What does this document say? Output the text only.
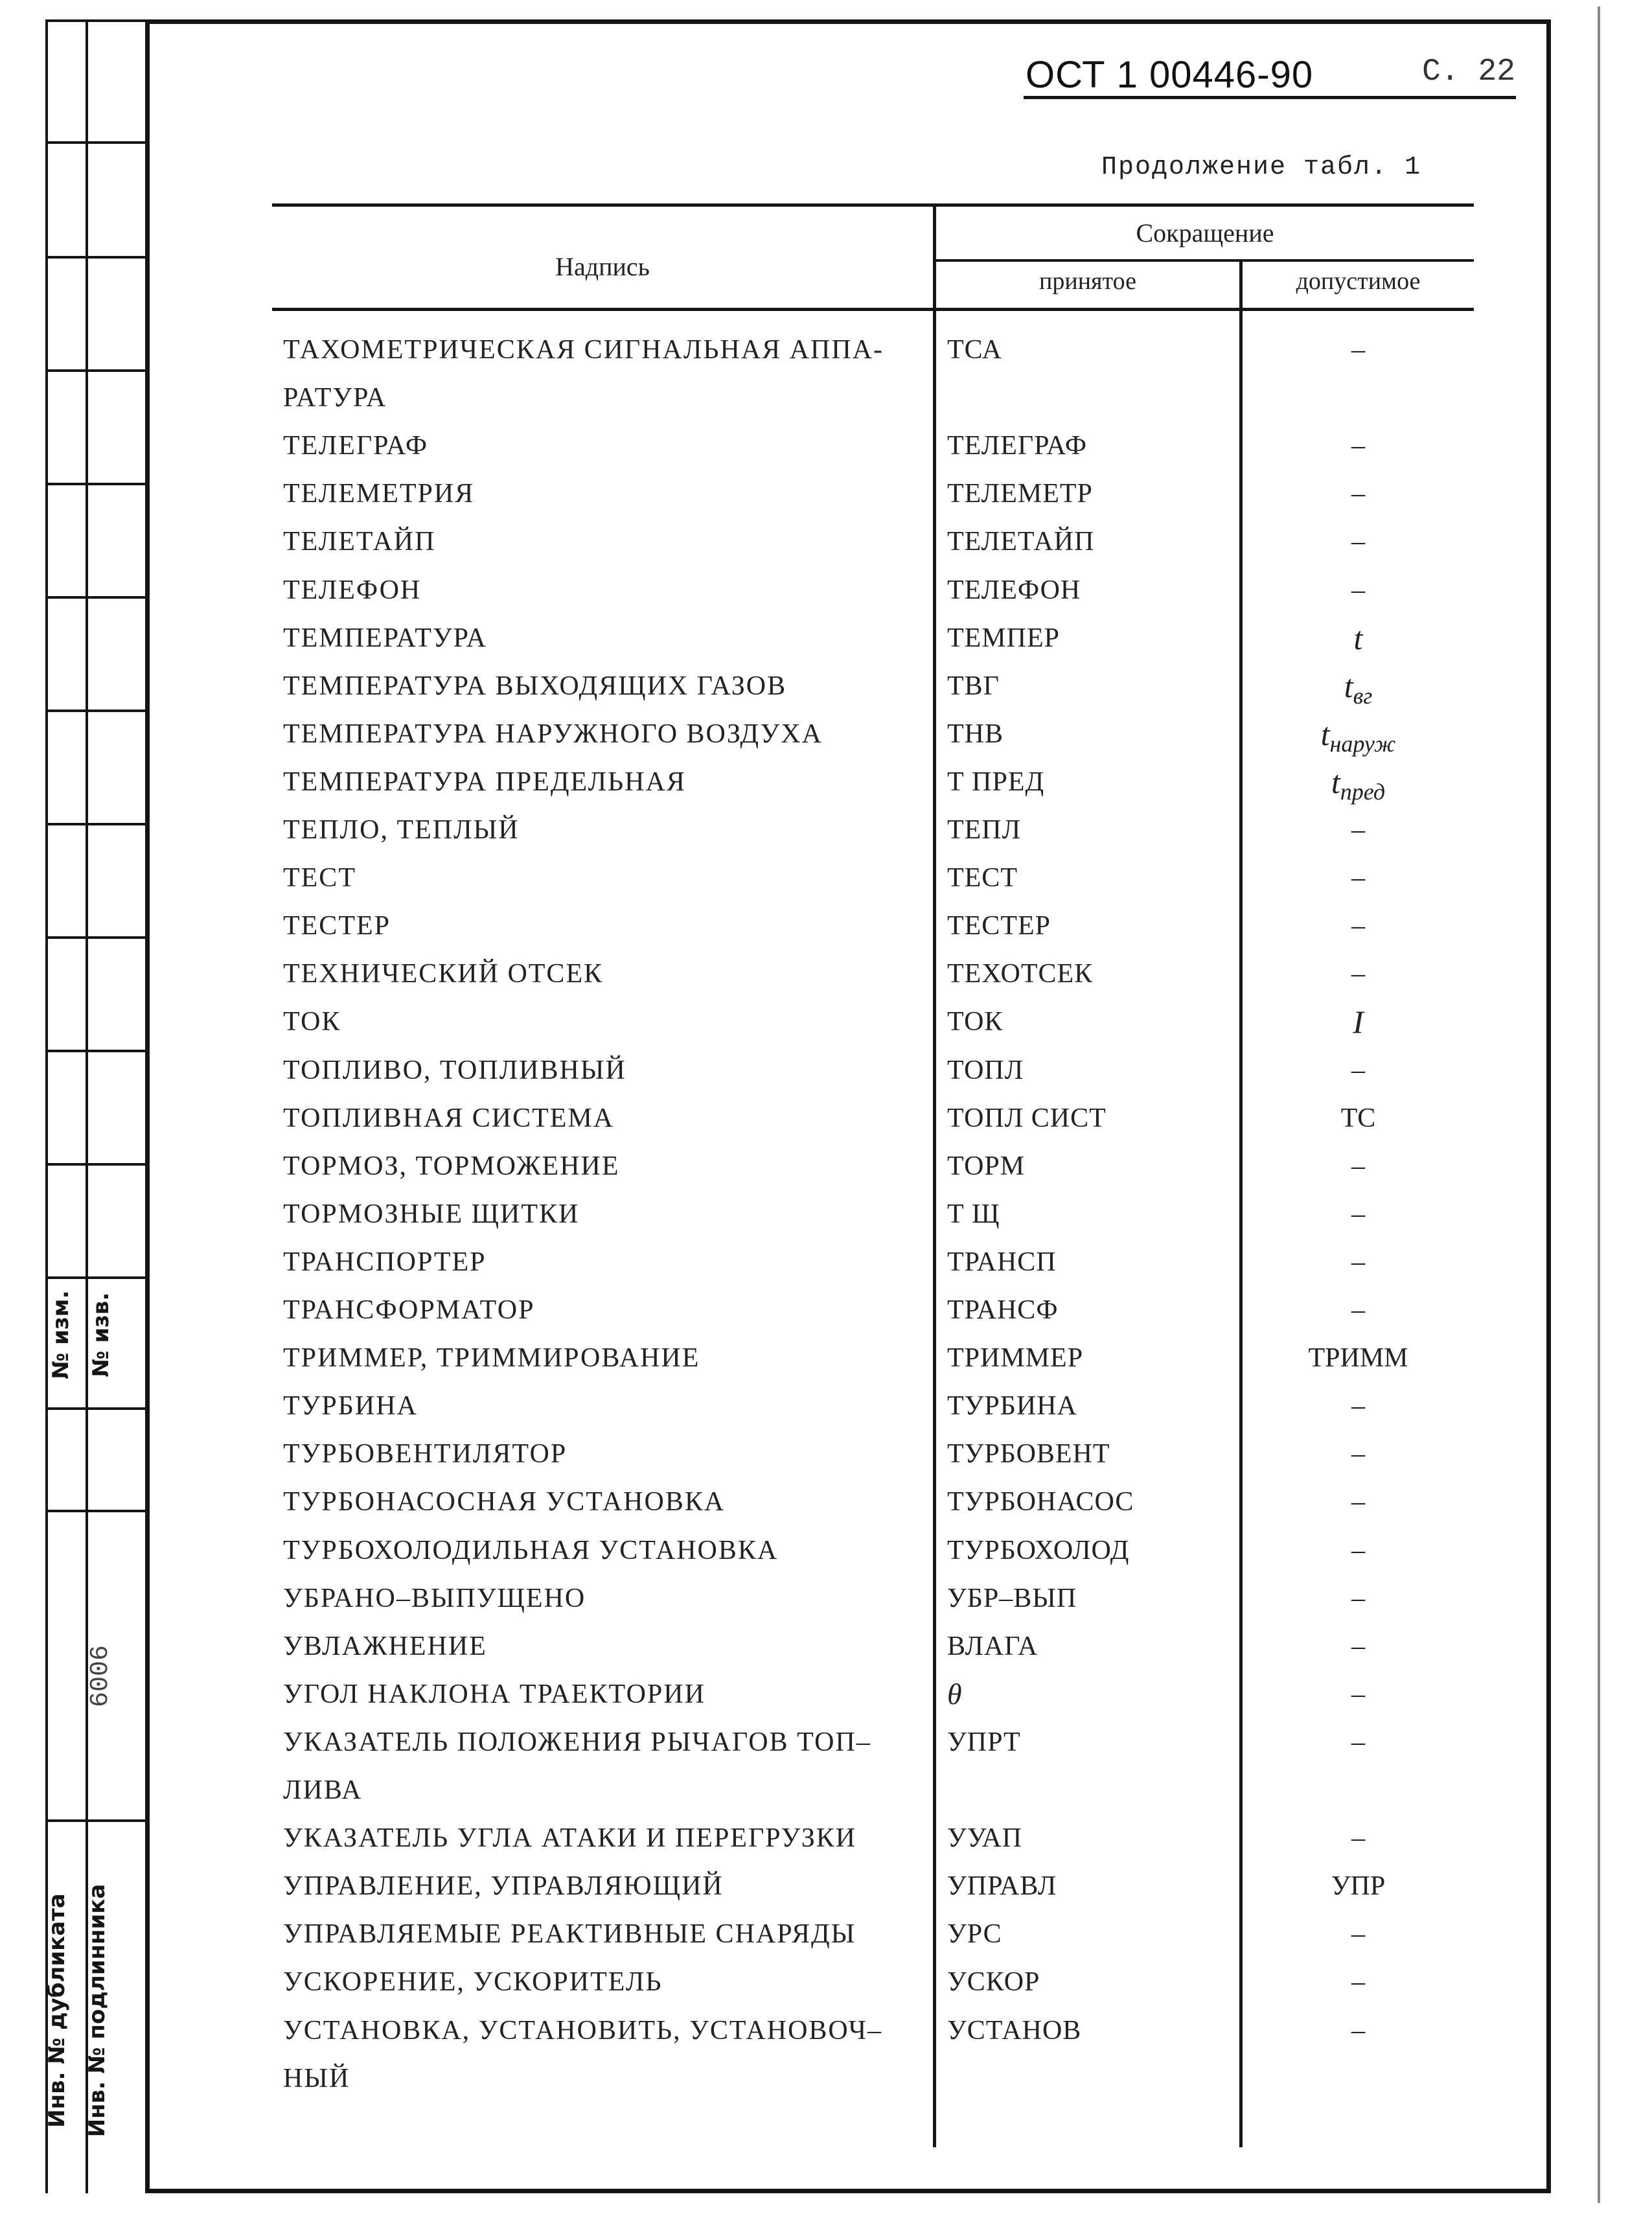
№ изм. № изв.
6006
Инв. № дубликата Инв. № подлинника
ОСТ 1 00446-90	С. 22
Продолжение табл. 1
Надпись
Сокращение
принятое	допустимое
ТАХОМЕТРИЧЕСКАЯ СИГНАЛЬНАЯ АППА-	ТСА	–
РАТУРА
ТЕЛЕГРАФ	ТЕЛЕГРАФ	–
ТЕЛЕМЕТРИЯ	ТЕЛЕМЕТР	–
ТЕЛЕТАЙП	ТЕЛЕТАЙП	–
ТЕЛЕФОН	ТЕЛЕФОН	–
ТЕМПЕРАТУРА	ТЕМПЕР	t
ТЕМПЕРАТУРА ВЫХОДЯЩИХ ГАЗОВ	ТВГ	$t_{вг}$
ТЕМПЕРАТУРА НАРУЖНОГО ВОЗДУХА	ТНВ	$t_{наруж}$
ТЕМПЕРАТУРА ПРЕДЕЛЬНАЯ	Т ПРЕД	$t_{пред}$
ТЕПЛО, ТЕПЛЫЙ	ТЕПЛ	–
ТЕСТ	ТЕСТ	–
ТЕСТЕР	ТЕСТЕР	–
ТЕХНИЧЕСКИЙ ОТСЕК	ТЕХОТСЕК	–
ТОК	ТОК	I
ТОПЛИВО, ТОПЛИВНЫЙ	ТОПЛ	–
ТОПЛИВНАЯ СИСТЕМА	ТОПЛ СИСТ	ТС
ТОРМОЗ, ТОРМОЖЕНИЕ	ТОРМ	–
ТОРМОЗНЫЕ ЩИТКИ	Т Щ	–
ТРАНСПОРТЕР	ТРАНСП	–
ТРАНСФОРМАТОР	ТРАНСФ	–
ТРИММЕР, ТРИММИРОВАНИЕ	ТРИММЕР	ТРИММ
ТУРБИНА	ТУРБИНА	–
ТУРБОВЕНТИЛЯТОР	ТУРБОВЕНТ	–
ТУРБОНАСОСНАЯ УСТАНОВКА	ТУРБОНАСОС	–
ТУРБОХОЛОДИЛЬНАЯ УСТАНОВКА	ТУРБОХОЛОД	–
УБРАНО–ВЫПУЩЕНО	УБР–ВЫП	–
УВЛАЖНЕНИЕ	ВЛАГА	–
УГОЛ НАКЛОНА ТРАЕКТОРИИ	θ	–
УКАЗАТЕЛЬ ПОЛОЖЕНИЯ РЫЧАГОВ ТОП–	УПРТ	–
ЛИВА
УКАЗАТЕЛЬ УГЛА АТАКИ И ПЕРЕГРУЗКИ	УУАП	–
УПРАВЛЕНИЕ, УПРАВЛЯЮЩИЙ	УПРАВЛ	УПР
УПРАВЛЯЕМЫЕ РЕАКТИВНЫЕ СНАРЯДЫ	УРС	–
УСКОРЕНИЕ, УСКОРИТЕЛЬ	УСКОР	–
УСТАНОВКА, УСТАНОВИТЬ, УСТАНОВОЧ–	УСТАНОВ	–
НЫЙ
